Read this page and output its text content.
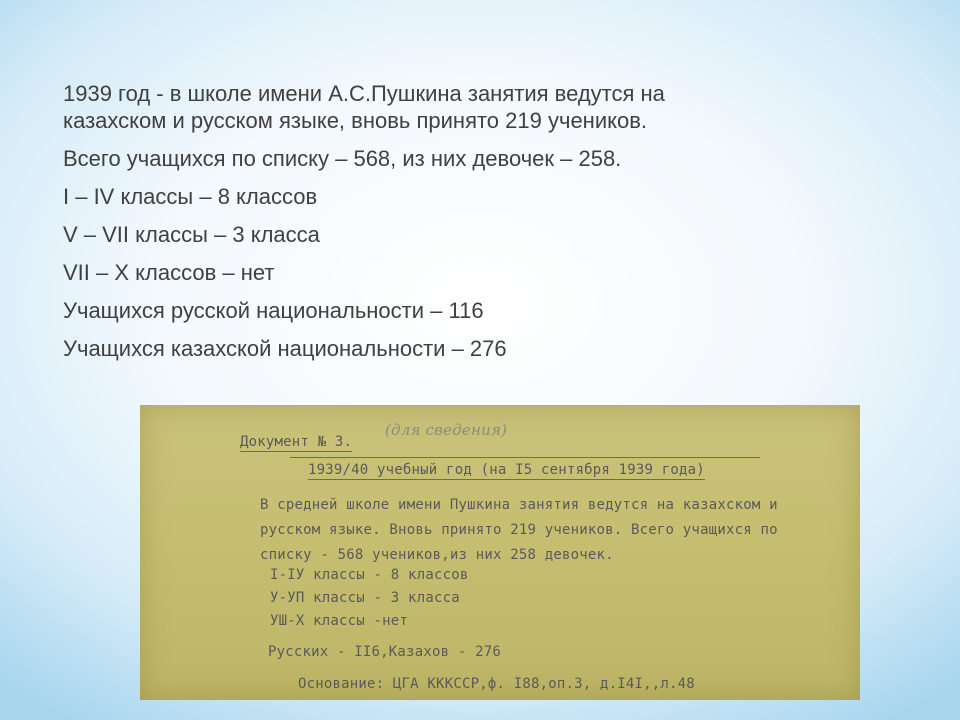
1939 год - в школе имени А.С.Пушкина занятия ведутся на
казахском и русском языке, вновь принято 219 учеников.
Всего учащихся по списку – 568, из них девочек – 258.
I – IV классы – 8 классов
V – VII классы – 3 класса
VII – X классов – нет
Учащихся русской национальности – 116
Учащихся казахской национальности – 276
Документ № 3.
(для сведения)
1939/40 учебный год (на I5 сентября 1939 года)
В средней школе имени Пушкина занятия ведутся на казахском и
русском языке. Вновь принято 219 учеников. Всего учащихся по
списку - 568 учеников,из них 258 девочек.
I-IУ классы - 8 классов
У-УП классы - 3 класса
УШ-Х классы -нет
Русских - II6,Казахов - 276
Основание: ЦГА КККССР,ф. I88,оп.3, д.I4I,,л.48
